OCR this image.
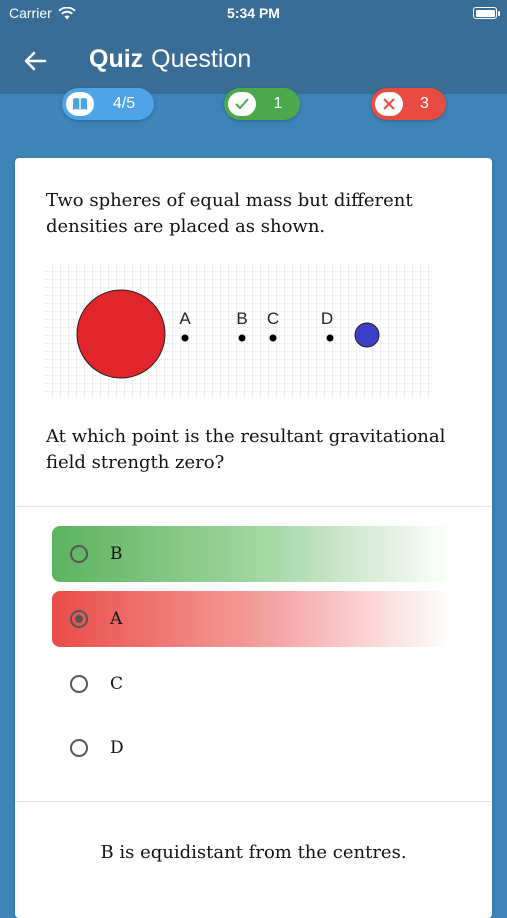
Carrier	5:34 PM
Quiz Question
4/5	1	3
Two spheres of equal mass but different densities are placed as shown.
A	B C D
At which point is the resultant gravitational field strength zero?
B
A
C
D
B is equidistant from the centres.
